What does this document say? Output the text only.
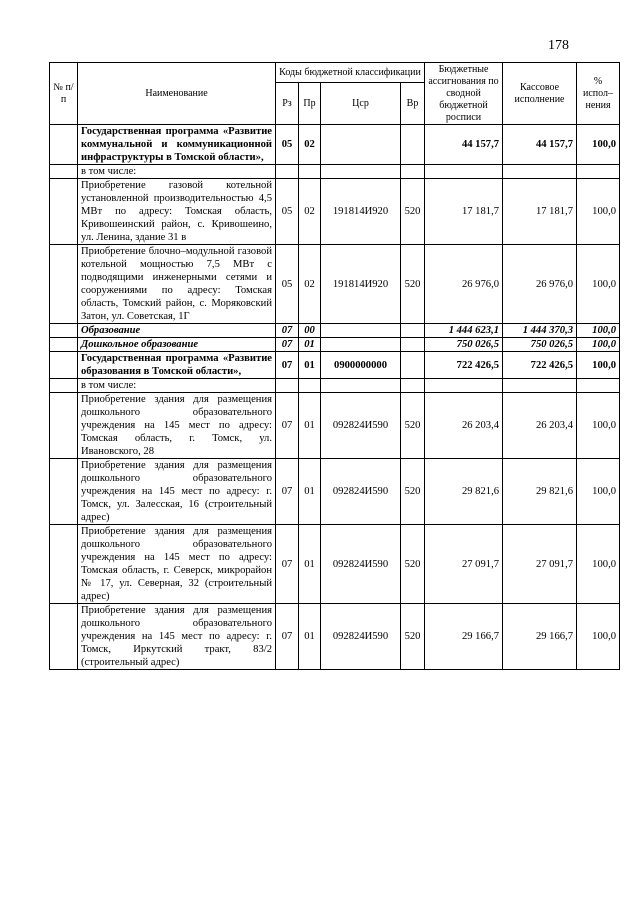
178
№ п/п	Наименование	Коды бюджетной классификации				Бюджетные ассигнования по сводной бюджетной росписи	Кассовое исполнение	% испол–нения
		Рз	Пр	Цср	Вр			
	Государственная программа «Развитие коммунальной и коммуникационной инфраструктуры в Томской области»,	05	02			44 157,7	44 157,7	100,0
	в том числе:							
	Приобретение газовой котельной установленной производительностью 4,5 МВт по адресу: Томская область, Кривошеинский район, с. Кривошеино, ул. Ленина, здание 31 в	05	02	191814И920	520	17 181,7	17 181,7	100,0
	Приобретение блочно–модульной газовой котельной мощностью 7,5 МВт с подводящими инженерными сетями и сооружениями по адресу: Томская область, Томский район, с. Моряковский Затон, ул. Советская, 1Г	05	02	191814И920	520	26 976,0	26 976,0	100,0
	Образование	07	00			1 444 623,1	1 444 370,3	100,0
	Дошкольное образование	07	01			750 026,5	750 026,5	100,0
	Государственная программа «Развитие образования в Томской области»,	07	01	0900000000		722 426,5	722 426,5	100,0
	в том числе:							
	Приобретение здания для размещения дошкольного образовательного учреждения на 145 мест по адресу: Томская область, г. Томск, ул. Ивановского, 28	07	01	092824И590	520	26 203,4	26 203,4	100,0
	Приобретение здания для размещения дошкольного образовательного учреждения на 145 мест по адресу: г. Томск, ул. Залесская, 16 (строительный адрес)	07	01	092824И590	520	29 821,6	29 821,6	100,0
	Приобретение здания для размещения дошкольного образовательного учреждения на 145 мест по адресу: Томская область, г. Северск, микрорайон № 17, ул. Северная, 32 (строительный адрес)	07	01	092824И590	520	27 091,7	27 091,7	100,0
	Приобретение здания для размещения дошкольного образовательного учреждения на 145 мест по адресу: г. Томск, Иркутский тракт, 83/2 (строительный адрес)	07	01	092824И590	520	29 166,7	29 166,7	100,0
